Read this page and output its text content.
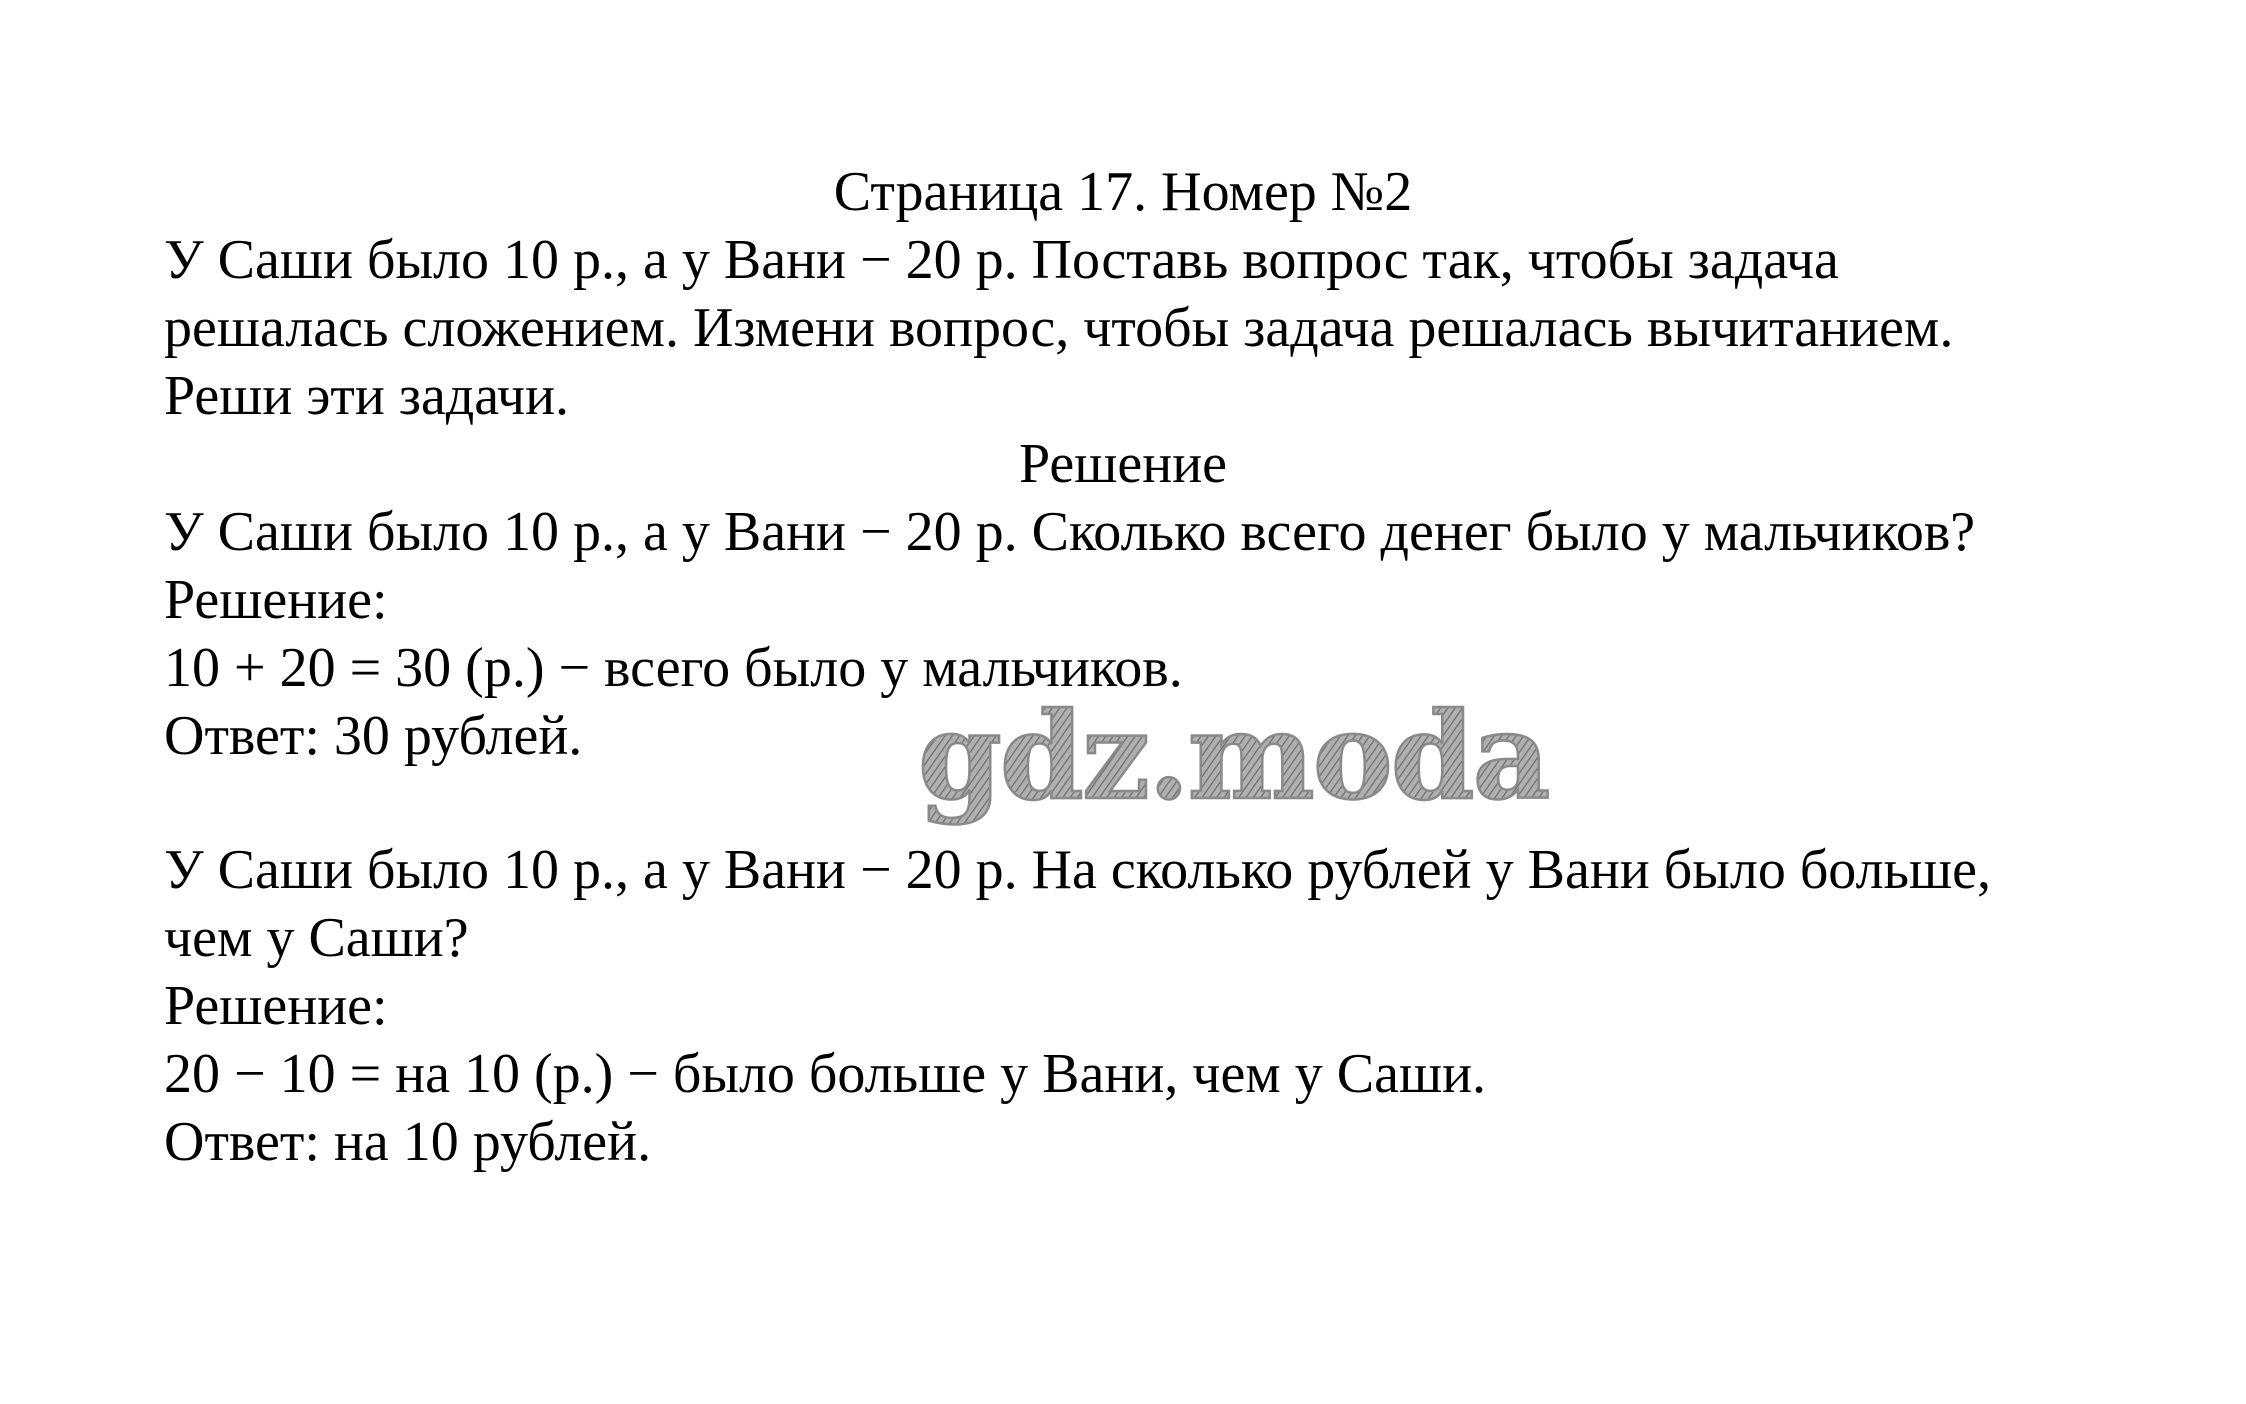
Страница 17. Номер №2

У Саши было 10 р., а у Вани − 20 р. Поставь вопрос так, чтобы задача

решалась сложением. Измени вопрос, чтобы задача решалась вычитанием.

Реши эти задачи.

Решение

У Саши было 10 р., а у Вани − 20 р. Сколько всего денег было у мальчиков?

Решение:

10 + 20 = 30 (р.) − всего было у мальчиков.

Ответ: 30 рублей.

У Саши было 10 р., а у Вани − 20 р. На сколько рублей у Вани было больше,

чем у Саши?

Решение:

20 − 10 = на 10 (р.) − было больше у Вани, чем у Саши.

Ответ: на 10 рублей.

gdz.moda
